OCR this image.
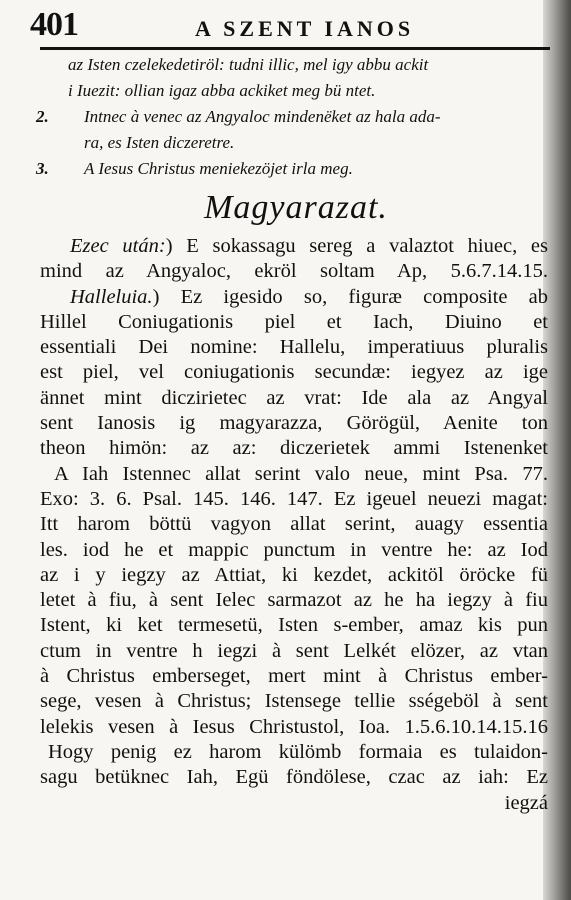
401	A SZENT IANOS
az Isten czelekedetiröl: tudni illic, mel igy abbu ackit
i Iuezit: ollian igaz abba ackiket meg bü ntet.
2. Intnec à venec az Angyaloc mindenëket az hala ada-
ra, es Isten diczeretre.
3. A Iesus Christus meniekezöjet irla meg.
Magyarazat.
Ezec után:) E sokassagu sereg a valaztot hiuec, es
mind az Angyaloc, ekröl soltam Ap, 5.6.7.14.15.
Halleluia.) Ez igesido so, figuræ composite ab
Hillel Coniugationis piel et Iach, Diuino et
essentiali Dei nomine: Hallelu, imperatiuus pluralis
est piel, vel coniugationis secundæ: iegyez az ige
ännet mint diczirietec az vrat: Ide ala az Angyal
sent Ianosis ig magyarazza, Görögül, Aenite ton
theon himön: az az: diczerietek ammi Istenenket
A Iah Istennec allat serint valo neue, mint Psa. 77.
Exo: 3. 6. Psal. 145. 146. 147. Ez igeuel neuezi magat:
Itt harom böttü vagyon allat serint, auagy essentia
les. iod he et mappic punctum in ventre he: az Iod
az i y iegzy az Attiat, ki kezdet, ackitöl öröcke fü
letet à fiu, à sent Ielec sarmazot az he ha iegzy à fiu
Istent, ki ket termesetü, Isten s-ember, amaz kis pun
ctum in ventre h iegzi à sent Lelkét elözer, az vtan
à Christus emberseget, mert mint à Christus ember-
sege, vesen à Christus; Istensege tellie sségeböl à sent
lelekis vesen à Iesus Christustol, Ioa. 1.5.6.10.14.15.16
Hogy penig ez harom külömb formaia es tulaidon-
sagu betüknec Iah, Egü föndölese, czac az iah: Ez
iegzá
